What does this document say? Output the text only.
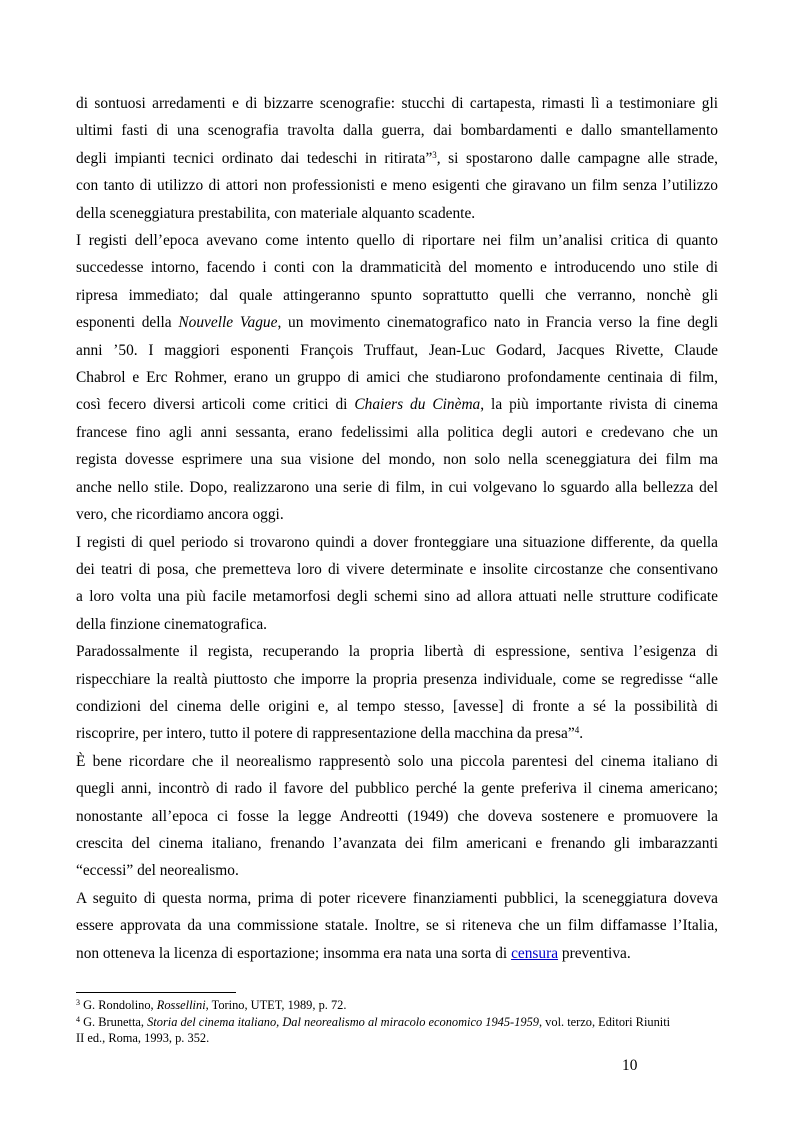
di sontuosi arredamenti e di bizzarre scenografie: stucchi di cartapesta, rimasti lì a testimoniare gli
ultimi fasti di una scenografia travolta dalla guerra, dai bombardamenti e dallo smantellamento
degli impianti tecnici ordinato dai tedeschi in ritirata”$^3$, si spostarono dalle campagne alle strade,
con tanto di utilizzo di attori non professionisti e meno esigenti che giravano un film senza l’utilizzo
della sceneggiatura prestabilita, con materiale alquanto scadente.

I registi dell’epoca avevano come intento quello di riportare nei film un’analisi critica di quanto
succedesse intorno, facendo i conti con la drammaticità del momento e introducendo uno stile di
ripresa immediato; dal quale attingeranno spunto soprattutto quelli che verranno, nonchè gli
esponenti della Nouvelle Vague, un movimento cinematografico nato in Francia verso la fine degli
anni ’50. I maggiori esponenti François Truffaut, Jean-Luc Godard, Jacques Rivette, Claude
Chabrol e Erc Rohmer, erano un gruppo di amici che studiarono profondamente centinaia di film,
così fecero diversi articoli come critici di Chaiers du Cinèma, la più importante rivista di cinema
francese fino agli anni sessanta, erano fedelissimi alla politica degli autori e credevano che un
regista dovesse esprimere una sua visione del mondo, non solo nella sceneggiatura dei film ma
anche nello stile. Dopo, realizzarono una serie di film, in cui volgevano lo sguardo alla bellezza del
vero, che ricordiamo ancora oggi.

I registi di quel periodo si trovarono quindi a dover fronteggiare una situazione differente, da quella
dei teatri di posa, che premetteva loro di vivere determinate e insolite circostanze che consentivano
a loro volta una più facile metamorfosi degli schemi sino ad allora attuati nelle strutture codificate
della finzione cinematografica.

Paradossalmente il regista, recuperando la propria libertà di espressione, sentiva l’esigenza di
rispecchiare la realtà piuttosto che imporre la propria presenza individuale, come se regredisse “alle
condizioni del cinema delle origini e, al tempo stesso, [avesse] di fronte a sé la possibilità di
riscoprire, per intero, tutto il potere di rappresentazione della macchina da presa”$^4$.

È bene ricordare che il neorealismo rappresentò solo una piccola parentesi del cinema italiano di
quegli anni, incontrò di rado il favore del pubblico perché la gente preferiva il cinema americano;
nonostante all’epoca ci fosse la legge Andreotti (1949) che doveva sostenere e promuovere la
crescita del cinema italiano, frenando l’avanzata dei film americani e frenando gli imbarazzanti
“eccessi” del neorealismo.

A seguito di questa norma, prima di poter ricevere finanziamenti pubblici, la sceneggiatura doveva
essere approvata da una commissione statale. Inoltre, se si riteneva che un film diffamasse l’Italia,
non otteneva la licenza di esportazione; insomma era nata una sorta di censura preventiva.

$^3$ G. Rondolino, Rossellini, Torino, UTET, 1989, p. 72.

$^4$ G. Brunetta, Storia del cinema italiano, Dal neorealismo al miracolo economico 1945-1959, vol. terzo, Editori Riuniti
II ed., Roma, 1993, p. 352.

10
